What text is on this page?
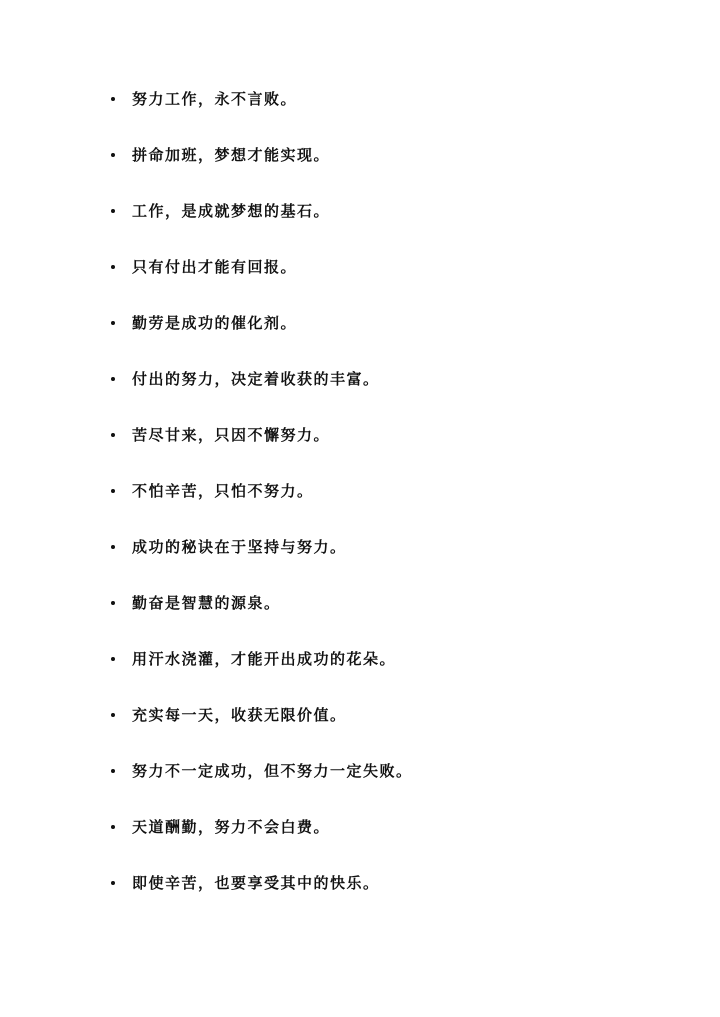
努力工作，永不言败。
拼命加班，梦想才能实现。
工作，是成就梦想的基石。
只有付出才能有回报。
勤劳是成功的催化剂。
付出的努力，决定着收获的丰富。
苦尽甘来，只因不懈努力。
不怕辛苦，只怕不努力。
成功的秘诀在于坚持与努力。
勤奋是智慧的源泉。
用汗水浇灌，才能开出成功的花朵。
充实每一天，收获无限价值。
努力不一定成功，但不努力一定失败。
天道酬勤，努力不会白费。
即使辛苦，也要享受其中的快乐。
